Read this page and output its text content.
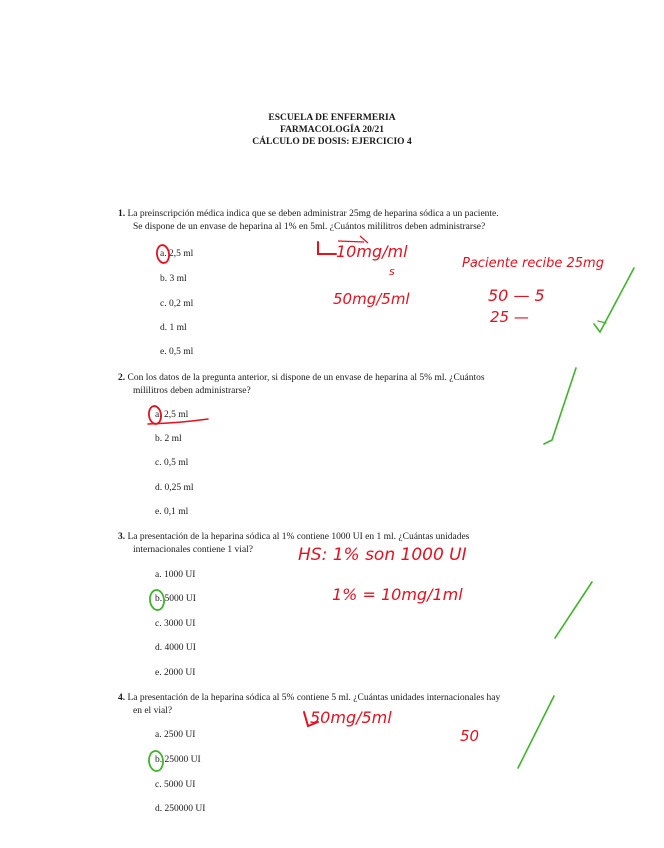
ESCUELA DE ENFERMERIA
FARMACOLOGÍA 20/21
CÁLCULO DE DOSIS: EJERCICIO 4
1. La preinscripción médica indica que se deben administrar 25mg de heparina sódica a un paciente.
Se dispone de un envase de heparina al 1% en 5ml. ¿Cuántos mililitros deben administrarse?
a. 2,5 ml
b. 3 ml
c. 0,2 ml
d. 1 ml
e. 0,5 ml
2. Con los datos de la pregunta anterior, si dispone de un envase de heparina al 5% ml. ¿Cuántos
mililitros deben administrarse?
a. 2,5 ml
b. 2 ml
c. 0,5 ml
d. 0,25 ml
e. 0,1 ml
3. La presentación de la heparina sódica al 1% contiene 1000 UI en 1 ml. ¿Cuántas unidades
internacionales contiene 1 vial?
a. 1000 UI
b. 5000 UI
c. 3000 UI
d. 4000 UI
e. 2000 UI
4. La presentación de la heparina sódica al 5% contiene 5 ml. ¿Cuántas unidades internacionales hay
en el vial?
a. 2500 UI
b. 25000 UI
c. 5000 UI
d. 250000 UI
10mg/ml
s
50mg/5ml
Paciente recibe 25mg
50 — 5
25 —
HS: 1% son 1000 UI
1% = 10mg/1ml
50mg/5ml
50
